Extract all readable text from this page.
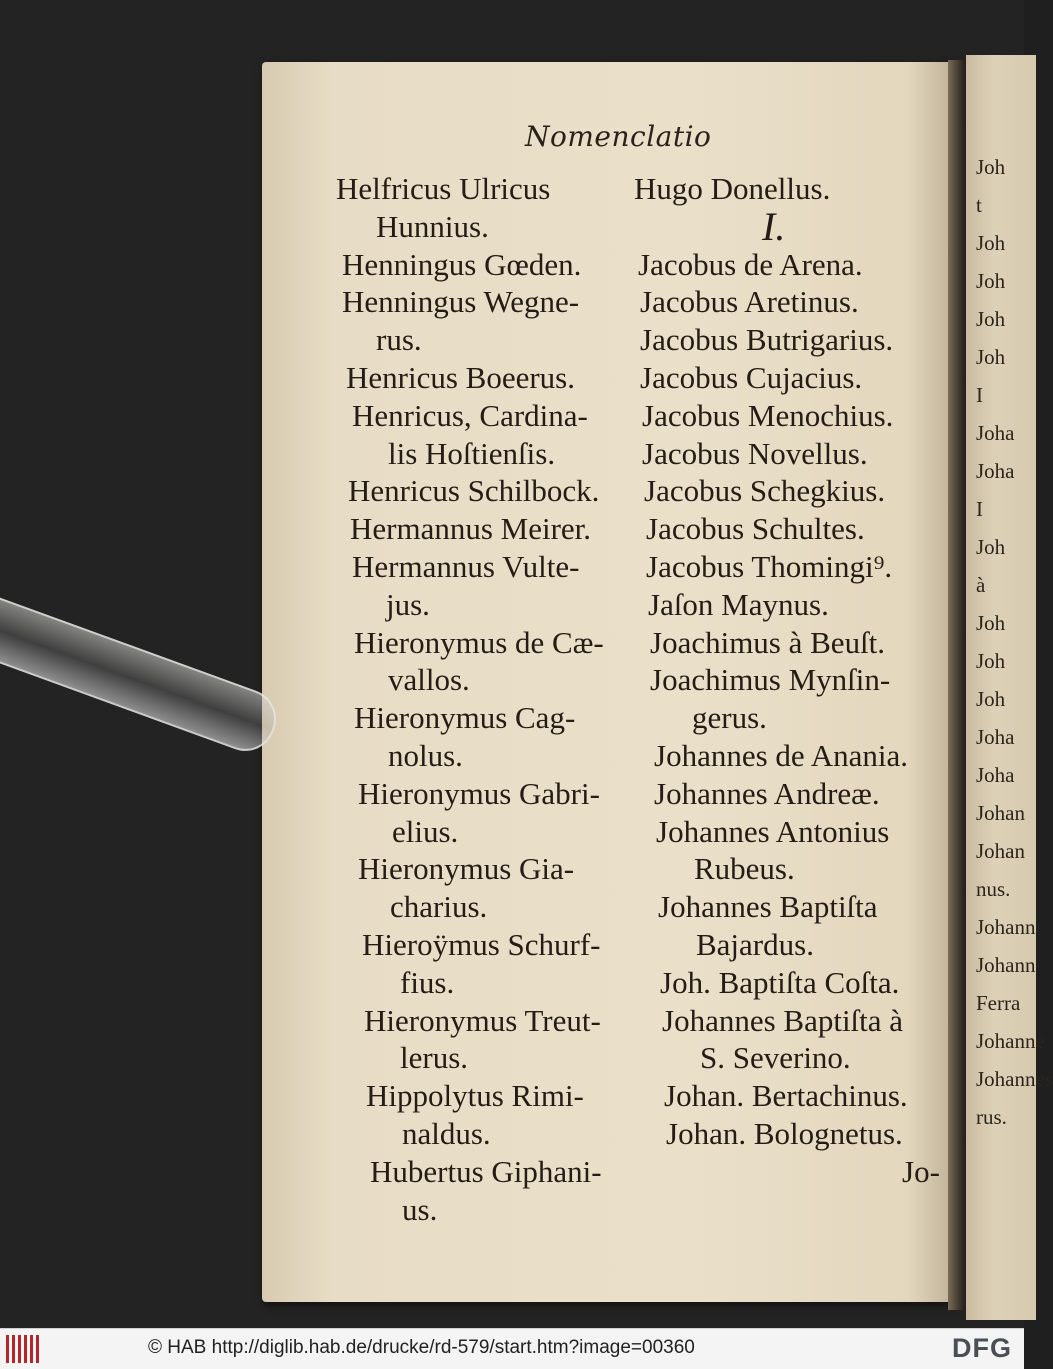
Joh
t
Joh
Joh
Joh
Joh
I
Joha
Joha
I
Joh
à
Joh
Joh
Joh
Joha
Joha
Johan
Johan
nus.
Johann
Johann
Ferra
Johanne
Johannes
rus.
Nomenclatio
Helfricus Ulricus
Hunnius.
Henningus Gœden.
Henningus Wegne-
rus.
Henricus Boeerus.
Henricus, Cardina-
lis Hoſtienſis.
Henricus Schilbock.
Hermannus Meirer.
Hermannus Vulte-
jus.
Hieronymus de Cæ-
vallos.
Hieronymus Cag-
nolus.
Hieronymus Gabri-
elius.
Hieronymus Gia-
charius.
Hieroÿmus Schurf-
fius.
Hieronymus Treut-
lerus.
Hippolytus Rimi-
naldus.
Hubertus Giphani-
us.
Hugo Donellus.
I.
Jacobus de Arena.
Jacobus Aretinus.
Jacobus Butrigarius.
Jacobus Cujacius.
Jacobus Menochius.
Jacobus Novellus.
Jacobus Schegkius.
Jacobus Schultes.
Jacobus Thomingi⁹.
Jaſon Maynus.
Joachimus à Beuſt.
Joachimus Mynſin-
gerus.
Johannes de Anania.
Johannes Andreæ.
Johannes Antonius
Rubeus.
Johannes Baptiſta
Bajardus.
Joh. Baptiſta Coſta.
Johannes Baptiſta à
S. Severino.
Johan. Bertachinus.
Johan. Bolognetus.
Jo-
© HAB http://diglib.hab.de/drucke/rd-579/start.htm?image=00360	DFG
